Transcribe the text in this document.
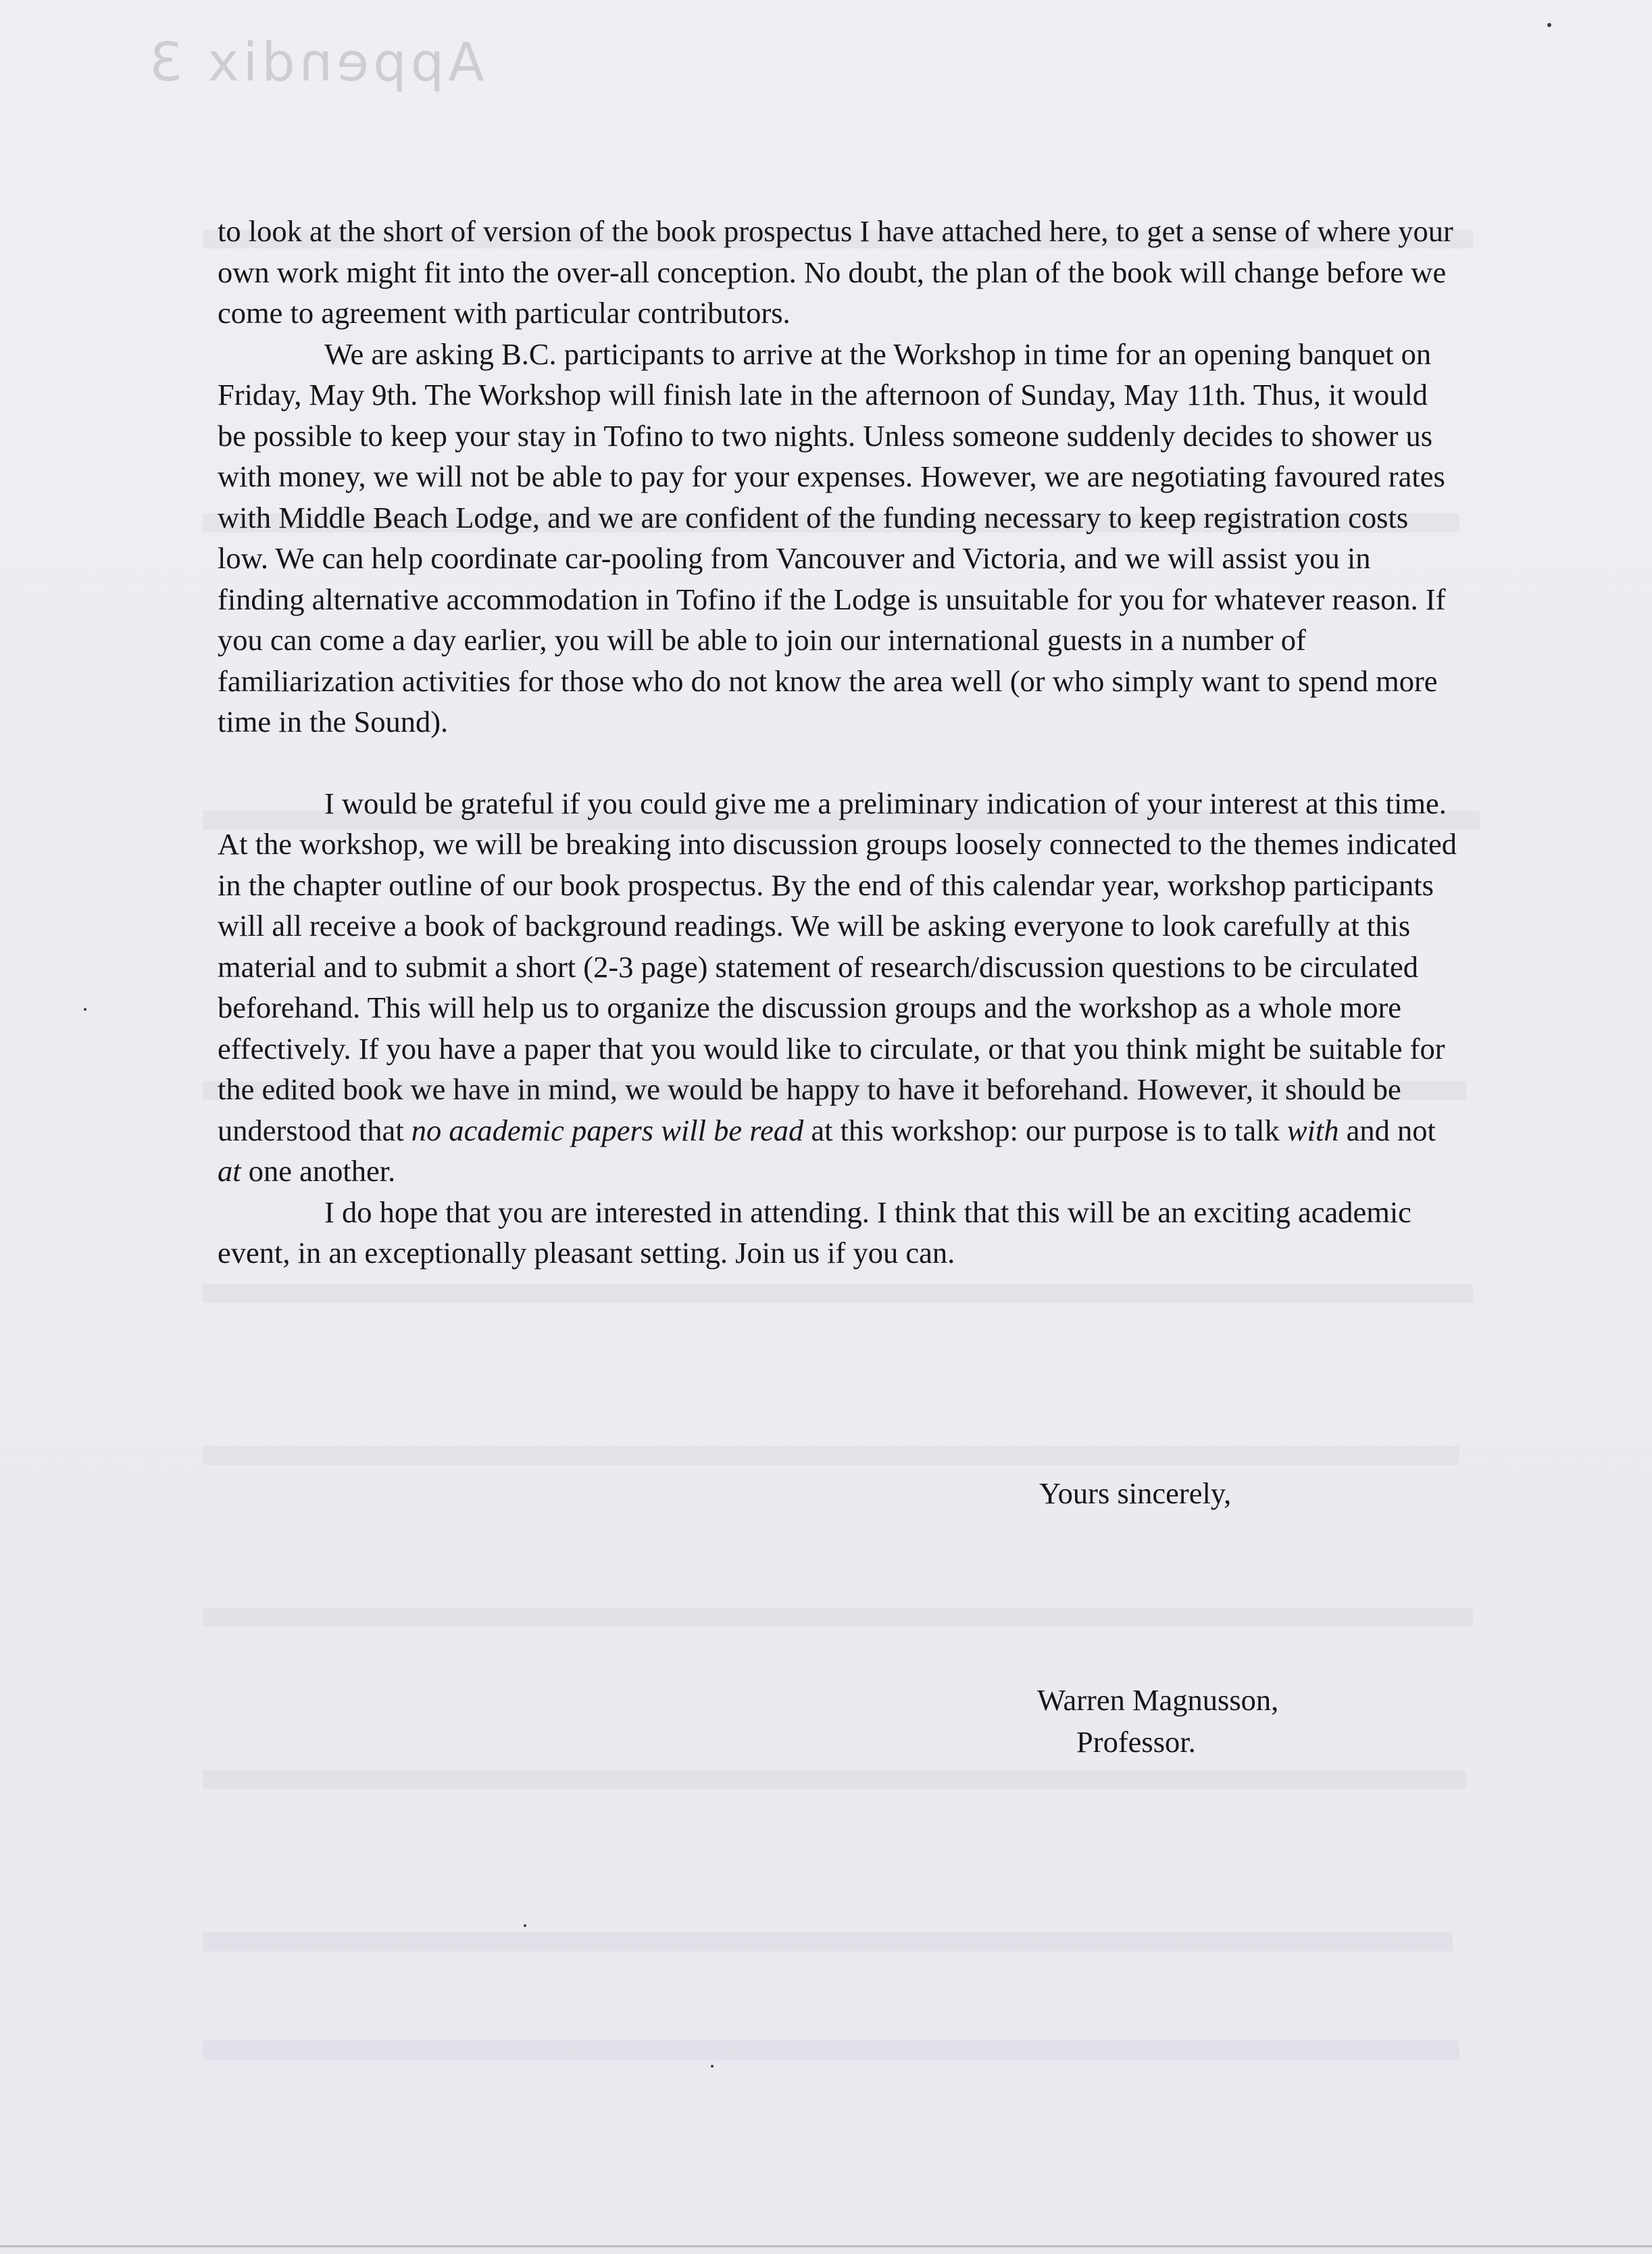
Appendix 3

to look at the short of version of the book prospectus I have attached here, to get a sense of where your own work might fit into the over-all conception. No doubt, the plan of the book will change before we come to agreement with particular contributors.

We are asking B.C. participants to arrive at the Workshop in time for an opening banquet on Friday, May 9th. The Workshop will finish late in the afternoon of Sunday, May 11th. Thus, it would be possible to keep your stay in Tofino to two nights. Unless someone suddenly decides to shower us with money, we will not be able to pay for your expenses. However, we are negotiating favoured rates with Middle Beach Lodge, and we are confident of the funding necessary to keep registration costs low. We can help coordinate car-pooling from Vancouver and Victoria, and we will assist you in finding alternative accommodation in Tofino if the Lodge is unsuitable for you for whatever reason. If you can come a day earlier, you will be able to join our international guests in a number of familiarization activities for those who do not know the area well (or who simply want to spend more time in the Sound).

I would be grateful if you could give me a preliminary indication of your interest at this time. At the workshop, we will be breaking into discussion groups loosely connected to the themes indicated in the chapter outline of our book prospectus. By the end of this calendar year, workshop participants will all receive a book of background readings. We will be asking everyone to look carefully at this material and to submit a short (2-3 page) statement of research/discussion questions to be circulated beforehand. This will help us to organize the discussion groups and the workshop as a whole more effectively. If you have a paper that you would like to circulate, or that you think might be suitable for the edited book we have in mind, we would be happy to have it beforehand. However, it should be understood that no academic papers will be read at this workshop: our purpose is to talk with and not at one another.

I do hope that you are interested in attending. I think that this will be an exciting academic event, in an exceptionally pleasant setting. Join us if you can.

Yours sincerely,
Warren Magnusson,

Professor.
